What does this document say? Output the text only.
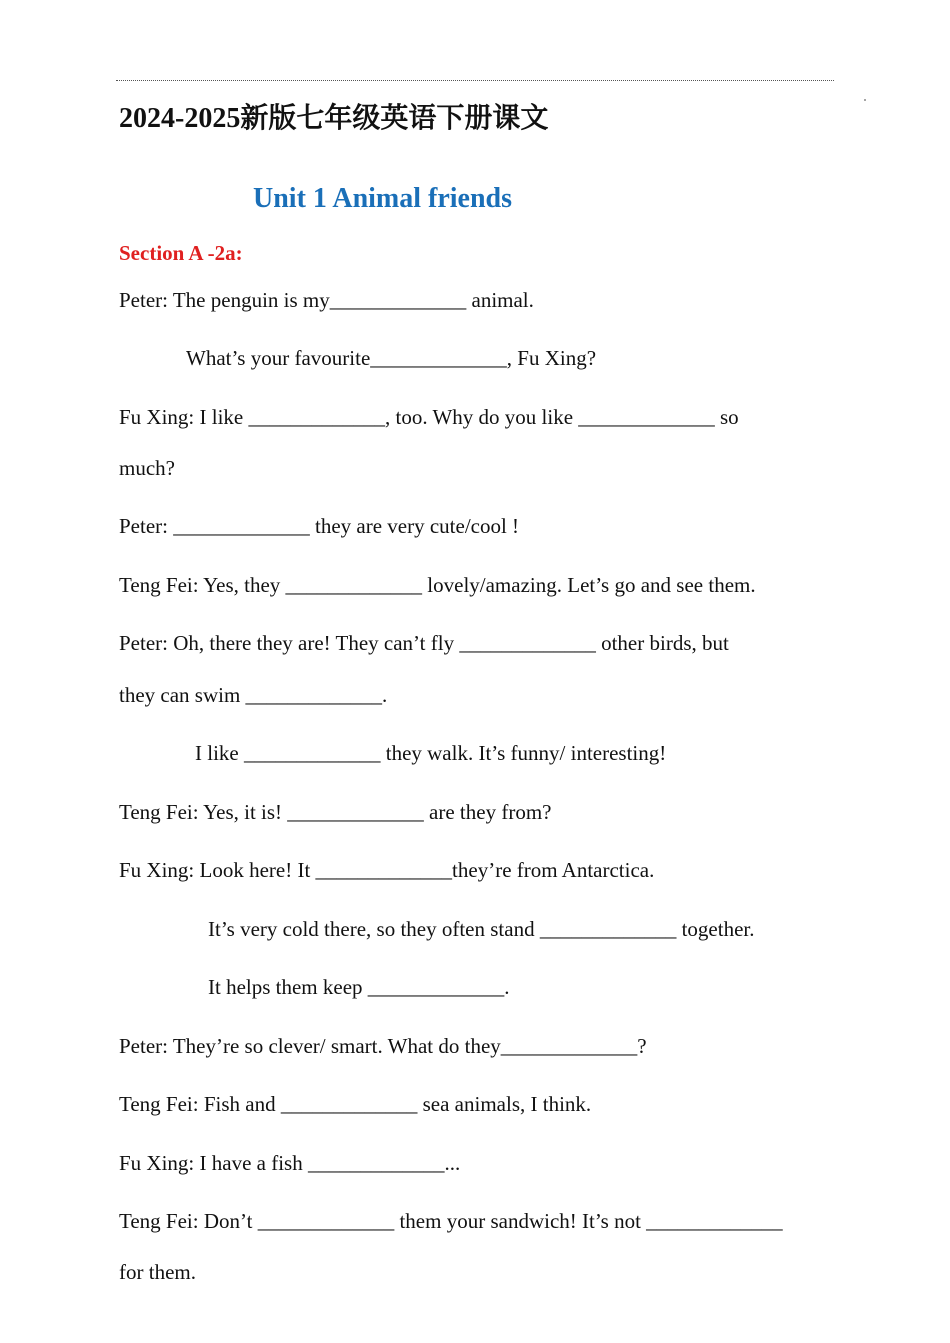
2024-2025新版七年级英语下册课文
Unit 1 Animal friends
Section A -2a:
Peter: The penguin is my_____________ animal.
What’s your favourite_____________, Fu Xing?
Fu Xing: I like _____________, too. Why do you like _____________ so
much?
Peter: _____________ they are very cute/cool !
Teng Fei: Yes, they _____________ lovely/amazing. Let’s go and see them.
Peter: Oh, there they are! They can’t fly _____________ other birds, but
they can swim _____________.
I like _____________ they walk. It’s funny/ interesting!
Teng Fei: Yes, it is! _____________ are they from?
Fu Xing: Look here! It _____________they’re from Antarctica.
It’s very cold there, so they often stand _____________ together.
It helps them keep _____________.
Peter: They’re so clever/ smart. What do they_____________?
Teng Fei: Fish and _____________ sea animals, I think.
Fu Xing: I have a fish _____________...
Teng Fei: Don’t _____________ them your sandwich! It’s not _____________
for them.
